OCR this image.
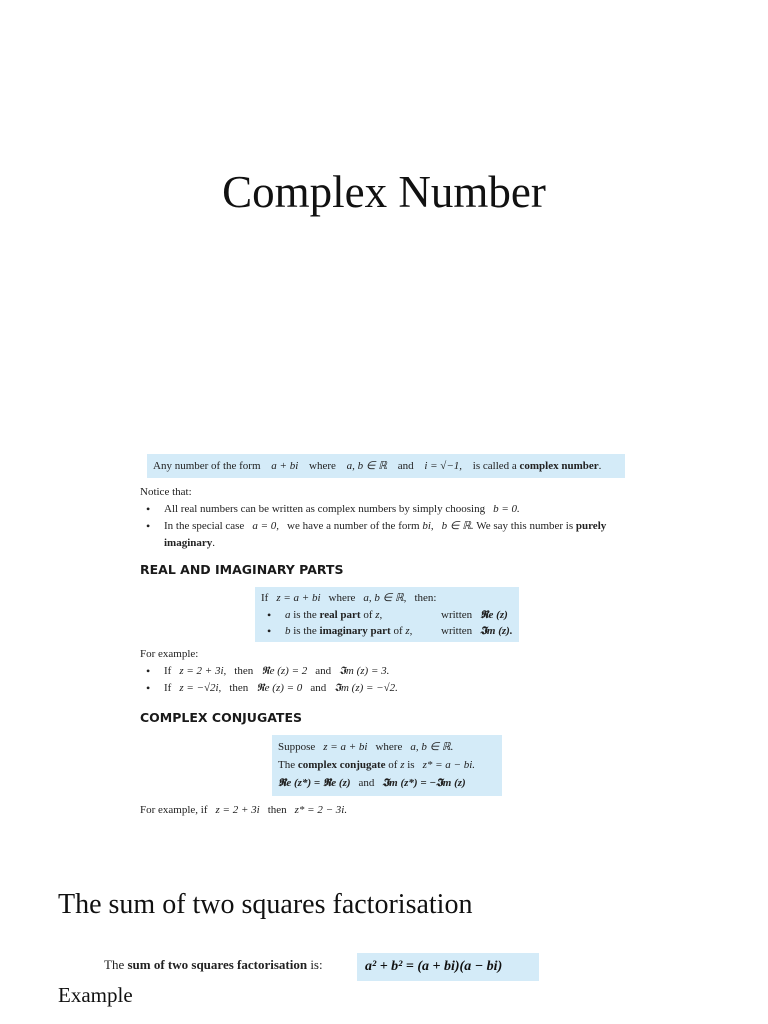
Complex Number
Any number of the form a + bi where a, b ∈ ℝ and i = √−1, is called a complex number.
Notice that:
• All real numbers can be written as complex numbers by simply choosing b = 0.
• In the special case a = 0, we have a number of the form bi, b ∈ ℝ. We say this number is purely imaginary.
REAL AND IMAGINARY PARTS
If z = a + bi where a, b ∈ ℝ, then:
• a is the real part of z,	written 𝕽e (z)
• b is the imaginary part of z,	written 𝕴m (z).
For example:
• If z = 2 + 3i, then 𝕽e (z) = 2 and 𝕴m (z) = 3.
• If z = −√2i, then 𝕽e (z) = 0 and 𝕴m (z) = −√2.
COMPLEX CONJUGATES
Suppose z = a + bi where a, b ∈ ℝ.
The complex conjugate of z is z* = a − bi.
𝕽e (z*) = 𝕽e (z) and 𝕴m (z*) = −𝕴m (z)
For example, if z = 2 + 3i then z* = 2 − 3i.
The sum of two squares factorisation
The sum of two squares factorisation is:	a² + b² = (a + bi)(a − bi)
Example
